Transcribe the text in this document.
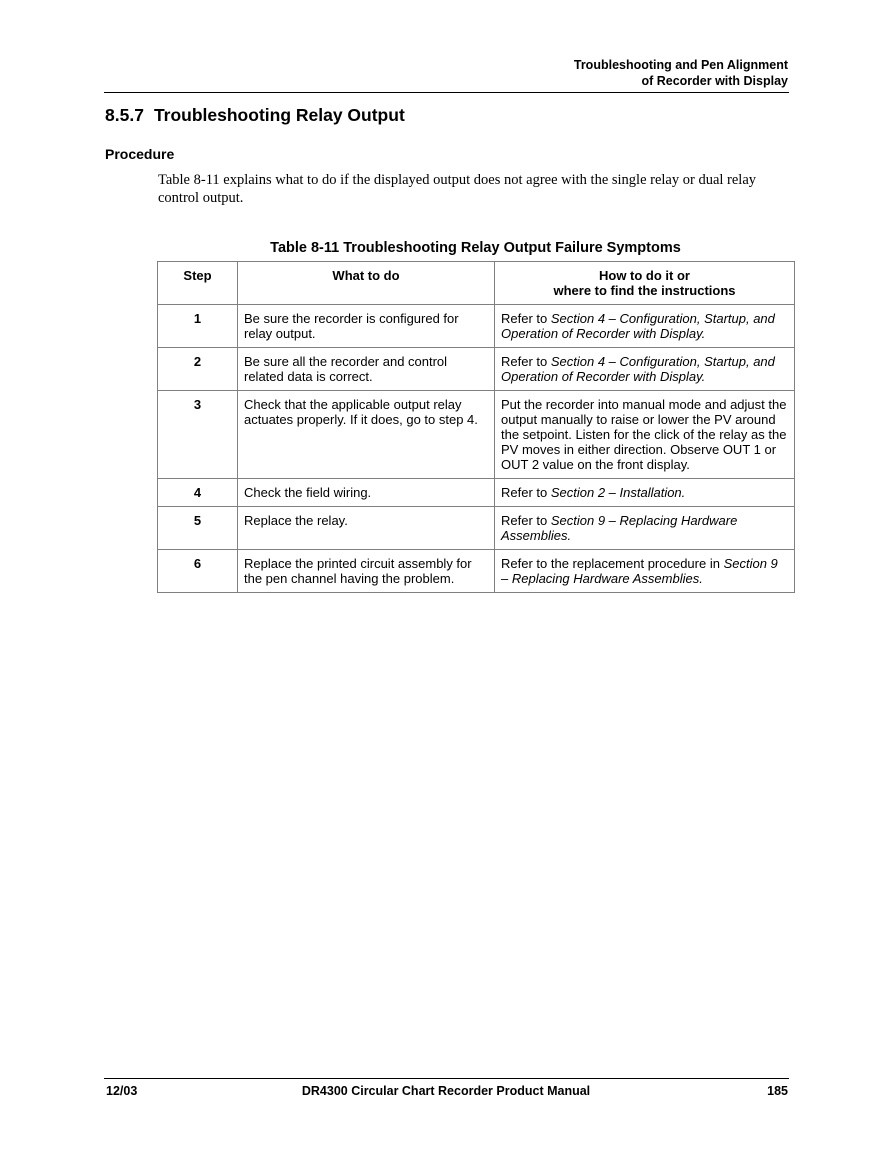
Troubleshooting and Pen Alignment
of Recorder with Display
8.5.7 Troubleshooting Relay Output
Procedure
Table 8-11 explains what to do if the displayed output does not agree with the single relay or dual relay control output.
Table 8-11 Troubleshooting Relay Output Failure Symptoms
Step	What to do	How to do it or
where to find the instructions

1	Be sure the recorder is configured for relay output.	Refer to Section 4 – Configuration, Startup, and Operation of Recorder with Display.
2	Be sure all the recorder and control related data is correct.	Refer to Section 4 – Configuration, Startup, and Operation of Recorder with Display.
3	Check that the applicable output relay actuates properly. If it does, go to step 4.	Put the recorder into manual mode and adjust the output manually to raise or lower the PV around the setpoint. Listen for the click of the relay as the PV moves in either direction. Observe OUT 1 or OUT 2 value on the front display.
4	Check the field wiring.	Refer to Section 2 – Installation.
5	Replace the relay.	Refer to Section 9 – Replacing Hardware Assemblies.
6	Replace the printed circuit assembly for the pen channel having the problem.	Refer to the replacement procedure in Section 9 – Replacing Hardware Assemblies.
12/03	DR4300 Circular Chart Recorder Product Manual	185
